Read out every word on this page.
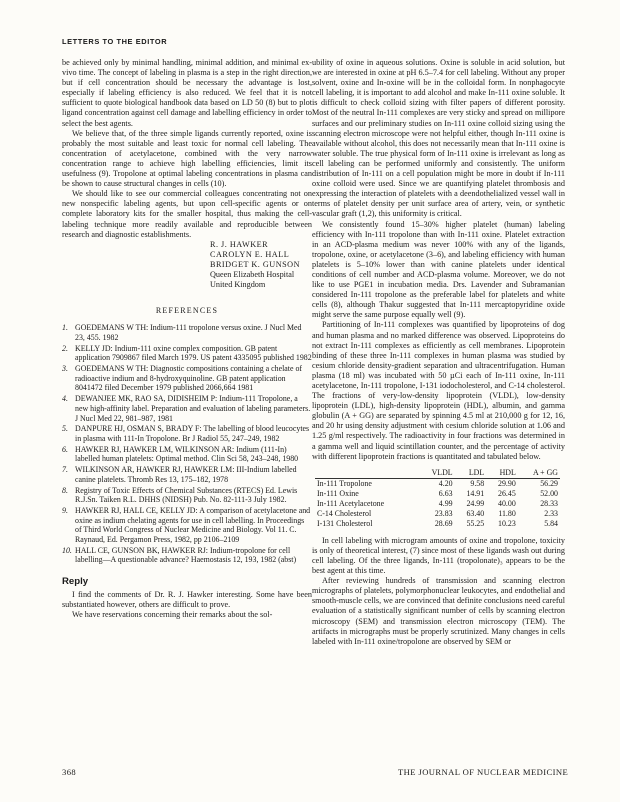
LETTERS TO THE EDITOR

be achieved only by minimal handling, minimal addition, and minimal ex-vivo time. The concept of labeling in plasma is a step in the right direction, but if cell concentration should be necessary the advantage is lost, especially if labeling efficiency is also reduced. We feel that it is not sufficient to quote biological handbook data based on LD 50 (8) but to plot ligand concentration against cell damage and labelling efficiency in order to select the best agents.

We believe that, of the three simple ligands currently reported, oxine is probably the most suitable and least toxic for normal cell labeling. The concentration of acetylacetone, combined with the very narrow concentration range to achieve high labelling efficiencies, limit its usefulness (9). Tropolone at optimal labeling concentrations in plasma can be shown to cause structural changes in cells (10).

We should like to see our commercial colleagues concentrating not on new nonspecific labeling agents, but upon cell-specific agents or on complete laboratory kits for the smaller hospital, thus making the cell-labeling technique more readily available and reproducible between research and diagnostic establishments.

R. J. HAWKER
CAROLYN E. HALL
BRIDGET K. GUNSON
Queen Elizabeth Hospital
United Kingdom
REFERENCES
1. GOEDEMANS W TH: Indium-111 tropolone versus oxine. J Nucl Med 23, 455. 1982
2. KELLY JD: Indium-111 oxine complex composition. GB patent application 7909867 filed March 1979. US patent 4335095 published 1982
3. GOEDEMANS W TH: Diagnostic compositions containing a chelate of radioactive indium and 8-hydroxyquinoline. GB patent application 8041472 filed December 1979 published 2066,664 1981
4. DEWANJEE MK, RAO SA, DIDISHEIM P: Indium-111 Tropolone, a new high-affinity label. Preparation and evaluation of labeling parameters. J Nucl Med 22, 981–987, 1981
5. DANPURE HJ, OSMAN S, BRADY F: The labelling of blood leucocytes in plasma with 111-In Tropolone. Br J Radiol 55, 247–249, 1982
6. HAWKER RJ, HAWKER LM, WILKINSON AR: Indium (111-In) labelled human platelets: Optimal method. Clin Sci 58, 243–248, 1980
7. WILKINSON AR, HAWKER RJ, HAWKER LM: III-Indium labelled canine platelets. Thromb Res 13, 175–182, 1978
8. Registry of Toxic Effects of Chemical Substances (RTECS) Ed. Lewis R.J.Sn. Taiken R.L. DHHS (NIDSH) Pub. No. 82-111-3 July 1982.
9. HAWKER RJ, HALL CE, KELLY JD: A comparison of acetylacetone and oxine as indium chelating agents for use in cell labelling. In Proceedings of Third World Congress of Nuclear Medicine and Biology. Vol 11. C. Raynaud, Ed. Pergamon Press, 1982, pp 2106–2109
10. HALL CE, GUNSON BK, HAWKER RJ: Indium-tropolone for cell labelling—A questionable advance? Haemostasis 12, 193, 1982 (abst)
Reply

I find the comments of Dr. R. J. Hawker interesting. Some have been substantiated however, others are difficult to prove.

We have reservations concerning their remarks about the sol-

ubility of oxine in aqueous solutions. Oxine is soluble in acid solution, but we are interested in oxine at pH 6.5–7.4 for cell labeling. Without any proper solvent, oxine and In-oxine will be in the colloidal form. In nonphagocyte cell labeling, it is important to add alcohol and make In-111 oxine soluble. It is difficult to check colloid sizing with filter papers of different porosity. Most of the neutral In-111 complexes are very sticky and spread on millipore surfaces and our preliminary studies on In-111 oxine colloid sizing using the scanning electron microscope were not helpful either, though In-111 oxine is available without alcohol, this does not necessarily mean that In-111 oxine is water soluble. The true physical form of In-111 oxine is irrelevant as long as cell labeling can be performed uniformly and consistently. The uniform distribution of In-111 on a cell population might be more in doubt if In-111 oxine colloid were used. Since we are quantifying platelet thrombosis and expressing the interaction of platelets with a deendothelialized vessel wall in terms of platelet density per unit surface area of artery, vein, or synthetic vascular graft (1,2), this uniformity is critical.

We consistently found 15–30% higher platelet (human) labeling efficiency with In-111 tropolone than with In-111 oxine. Platelet extraction in an ACD-plasma medium was never 100% with any of the ligands, tropolone, oxine, or acetylacetone (3–6), and labeling efficiency with human platelets is 5–10% lower than with canine platelets under identical conditions of cell number and ACD-plasma volume. Moreover, we do not like to use PGE1 in incubation media. Drs. Lavender and Subramanian considered In-111 tropolone as the preferable label for platelets and white cells (8), although Thakur suggested that In-111 mercaptopyridine oxide might serve the same purpose equally well (9).

Partitioning of In-111 complexes was quantified by lipoproteins of dog and human plasma and no marked difference was observed. Lipoproteins do not extract In-111 complexes as efficiently as cell membranes. Lipoprotein binding of these three In-111 complexes in human plasma was studied by cesium chloride density-gradient separation and ultracentrifugation. Human plasma (18 ml) was incubated with 50 µCi each of In-111 oxine, In-111 acetylacetone, In-111 tropolone, I-131 iodocholesterol, and C-14 cholesterol. The fractions of very-low-density lipoprotein (VLDL), low-density lipoprotein (LDL), high-density lipoprotein (HDL), albumin, and gamma globulin (A + GG) are separated by spinning 4.5 ml at 210,000 g for 12, 16, and 20 hr using density adjustment with cesium chloride solution at 1.06 and 1.25 g/ml respectively. The radioactivity in four fractions was determined in a gamma well and liquid scintillation counter, and the percentage of activity with different lipoprotein fractions is quantitated and tabulated below.

	VLDL	LDL	HDL	A + GG
In-111 Tropolone	4.20	9.58	29.90	56.29
In-111 Oxine	6.63	14.91	26.45	52.00
In-111 Acetylacetone	4.99	24.99	40.00	28.33
C-14 Cholesterol	23.83	63.40	11.80	2.33
I-131 Cholesterol	28.69	55.25	10.23	5.84

In cell labeling with microgram amounts of oxine and tropolone, toxicity is only of theoretical interest, (7) since most of these ligands wash out during cell labeling. Of the three ligands, In-111 (tropolonate)₃ appears to be the best agent at this time.

After reviewing hundreds of transmission and scanning electron micrographs of platelets, polymorphonuclear leukocytes, and endothelial and smooth-muscle cells, we are convinced that definite conclusions need careful evaluation of a statistically significant number of cells by scanning electron microscopy (SEM) and transmission electron microscopy (TEM). The artifacts in micrographs must be properly scrutinized. Many changes in cells labeled with In-111 oxine/tropolone are observed by SEM or

368	THE JOURNAL OF NUCLEAR MEDICINE
